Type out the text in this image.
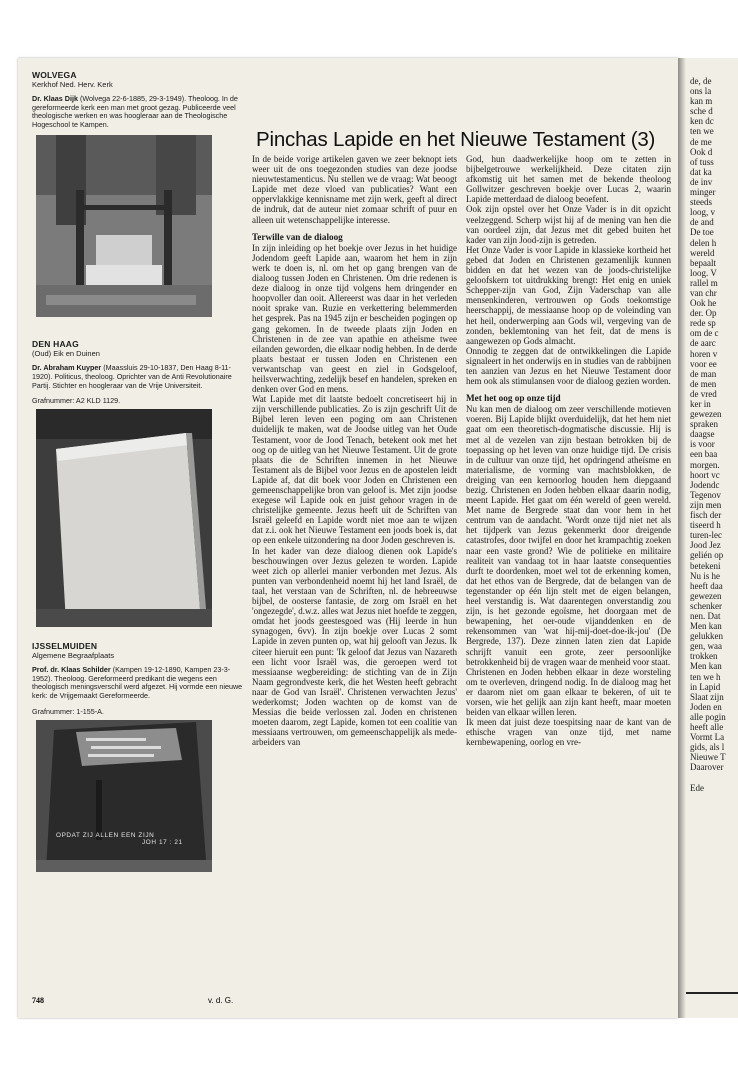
WOLVEGA
Kerkhof Ned. Herv. Kerk
Dr. Klaas Dijk (Wolvega 22-6-1885, 29-3-1949). Theoloog. In de gereformeerde kerk een man met groot gezag. Publiceerde veel theologische werken en was hoogleraar aan de Theologische Hogeschool te Kampen.
DEN HAAG
(Oud) Eik en Duinen
Dr. Abraham Kuyper (Maassluis 29-10-1837, Den Haag 8-11-1920). Politicus, theoloog. Oprichter van de Anti Revolutionaire Partij. Stichter en hoogleraar van de Vrije Universiteit.
Grafnummer: A2 KLD 1129.
IJSSELMUIDEN
Algemene Begraafplaats
Prof. dr. Klaas Schilder (Kampen 19-12-1890, Kampen 23-3-1952). Theoloog. Gereformeerd predikant die wegens een theologisch meningsverschil werd afgezet. Hij vormde een nieuwe kerk: de Vrijgemaakt Gereformeerde.
Grafnummer: 1-155-A.
OPDAT ZIJ ALLEN EEN ZIJN
JOH 17 : 21
Pinchas Lapide en het Nieuwe Testament (3)

In de beide vorige artikelen gaven we zeer beknopt iets weer uit de ons toegezonden studies van deze joodse nieuwtestamenticus. Nu stellen we de vraag: Wat beoogt Lapide met deze vloed van publicaties? Want een oppervlakkige kennisname met zijn werk, geeft al direct de indruk, dat de auteur niet zomaar schrift of puur en alleen uit wetenschappelijke interesse.

Terwille van de dialoog

In zijn inleiding op het boekje over Jezus in het huidige Jodendom geeft Lapide aan, waarom het hem in zijn werk te doen is, nl. om het op gang brengen van de dialoog tussen Joden en Christenen. Om drie redenen is deze dialoog in onze tijd volgens hem dringender en hoopvoller dan ooit. Allereerst was daar in het verleden nooit sprake van. Ruzie en verkettering belemmerden het gesprek. Pas na 1945 zijn er bescheiden pogingen op gang gekomen. In de tweede plaats zijn Joden en Christenen in de zee van apathie en atheïsme twee eilanden geworden, die elkaar nodig hebben. In de derde plaats bestaat er tussen Joden en Christenen een verwantschap van geest en ziel in Godsgeloof, heilsverwachting, zedelijk besef en handelen, spreken en denken over God en mens.

Wat Lapide met dit laatste bedoelt concretiseert hij in zijn verschillende publicaties. Zo is zijn geschrift Uit de Bijbel leren leven een poging om aan Christenen duidelijk te maken, wat de Joodse uitleg van het Oude Testament, voor de Jood Tenach, betekent ook met het oog op de uitleg van het Nieuwe Testament. Uit de grote plaats die de Schriften innemen in het Nieuwe Testament als de Bijbel voor Jezus en de apostelen leidt Lapide af, dat dit boek voor Joden en Christenen een gemeenschappelijke bron van geloof is. Met zijn joodse exegese wil Lapide ook en juist gehoor vragen in de christelijke gemeente. Jezus heeft uit de Schriften van Israël geleefd en Lapide wordt niet moe aan te wijzen dat z.i. ook het Nieuwe Testament een joods boek is, dat op een enkele uitzondering na door Joden geschreven is.

In het kader van deze dialoog dienen ook Lapide's beschouwingen over Jezus gelezen te worden. Lapide weet zich op allerlei manier verbonden met Jezus. Als punten van verbondenheid noemt hij het land Israël, de taal, het verstaan van de Schriften, nl. de hebreeuwse bijbel, de oosterse fantasie, de zorg om Israël en het 'ongezegde', d.w.z. alles wat Jezus niet hoefde te zeggen, omdat het joods geestesgoed was (Hij leerde in hun synagogen, 6vv). In zijn boekje over Lucas 2 somt Lapide in zeven punten op, wat hij gelooft van Jezus. Ik citeer hieruit een punt: 'Ik geloof dat Jezus van Nazareth een licht voor Israël was, die geroepen werd tot messiaanse wegbereiding: de stichting van de in Zijn Naam gegrondveste kerk, die het Westen heeft gebracht naar de God van Israël'. Christenen verwachten Jezus' wederkomst; Joden wachten op de komst van de Messias die beide verlossen zal. Joden en christenen moeten daarom, zegt Lapide, komen tot een coalitie van messiaans vertrouwen, om gemeenschappelijk als mede-arbeiders van

God, hun daadwerkelijke hoop om te zetten in bijbelgetrouwe werkelijkheid. Deze citaten zijn afkomstig uit het samen met de bekende theoloog Gollwitzer geschreven boekje over Lucas 2, waarin Lapide metterdaad de dialoog beoefent.

Ook zijn opstel over het Onze Vader is in dit opzicht veelzeggend. Scherp wijst hij af de mening van hen die van oordeel zijn, dat Jezus met dit gebed buiten het kader van zijn Jood-zijn is getreden.

Het Onze Vader is voor Lapide in klassieke kortheid het gebed dat Joden en Christenen gezamenlijk kunnen bidden en dat het wezen van de joods-christelijke geloofskern tot uitdrukking brengt: Het enig en uniek Schepper-zijn van God, Zijn Vaderschap van alle mensenkinderen, vertrouwen op Gods toekomstige heerschappij, de messiaanse hoop op de voleinding van het heil, onderwerping aan Gods wil, vergeving van de zonden, beklemtoning van het feit, dat de mens is aangewezen op Gods almacht.

Onnodig te zeggen dat de ontwikkelingen die Lapide signaleert in het onderwijs en in studies van de rabbijnen ten aanzien van Jezus en het Nieuwe Testament door hem ook als stimulansen voor de dialoog gezien worden.

Met het oog op onze tijd

Nu kan men de dialoog om zeer verschillende motieven voeren. Bij Lapide blijkt overduidelijk, dat het hem niet gaat om een theoretisch-dogmatische discussie. Hij is met al de vezelen van zijn bestaan betrokken bij de toepassing op het leven van onze huidige tijd. De crisis in de cultuur van onze tijd, het opdringend atheïsme en materialisme, de vorming van machtsblokken, de dreiging van een kernoorlog houden hem diepgaand bezig. Christenen en Joden hebben elkaar daarin nodig, meent Lapide. Het gaat om één wereld of geen wereld. Met name de Bergrede staat dan voor hem in het centrum van de aandacht. 'Wordt onze tijd niet net als het tijdperk van Jezus gekenmerkt door dreigende catastrofes, door twijfel en door het krampachtig zoeken naar een vaste grond? Wie de politieke en militaire realiteit van vandaag tot in haar laatste consequenties durft te doordenken, moet wel tot de erkenning komen, dat het ethos van de Bergrede, dat de belangen van de tegenstander op één lijn stelt met de eigen belangen, heel verstandig is. Wat daarentegen onverstandig zou zijn, is het gezonde egoïsme, het doorgaan met de bewapening, het oer-oude vijanddenken en de rekensommen van 'wat hij-mij-doet-doe-ik-jou' (De Bergrede, 137). Deze zinnen laten zien dat Lapide schrijft vanuit een grote, zeer persoonlijke betrokkenheid bij de vragen waar de menheid voor staat.

Christenen en Joden hebben elkaar in deze worsteling om te overleven, dringend nodig. In de dialoog mag het er daarom niet om gaan elkaar te bekeren, of uit te vorsen, wie het gelijk aan zijn kant heeft, maar moeten beiden van elkaar willen leren.

Ik meen dat juist deze toespitsing naar de kant van de ethische vragen van onze tijd, met name kernbewapening, oorlog en vre-

748	v. d. G.
de, de
ons la
kan m
sche d
ken dc
ten we
de me
Ook d
of tuss
dat ka
de inv
minger
steeds
loog, v
de and
De toe
delen h
wereld
bepaalt
loog. V
rallel m
van chr
Ook he
der. Op
rede sp
om de c
de aarc
horen v
voor ee
de man
de men
de vred
ker in
gewezen
spraken
daagse
is voor
een baa
morgen.
hoort vc
Jodendc
Tegenov
zijn men
fisch der
tiseerd h
turen-lec
Jood Jez
gelién op
betekeni
Nu is he
heeft daa
gewezen
schenker
nen. Dat
Men kan
gelukken
gen, waa
trokken
Men kan
ten we h
in Lapid
Slaat zijn
Joden en
alle pogin
heeft alle
Vormt La
gids, als l
Nieuwe T
Daarover

Ede
